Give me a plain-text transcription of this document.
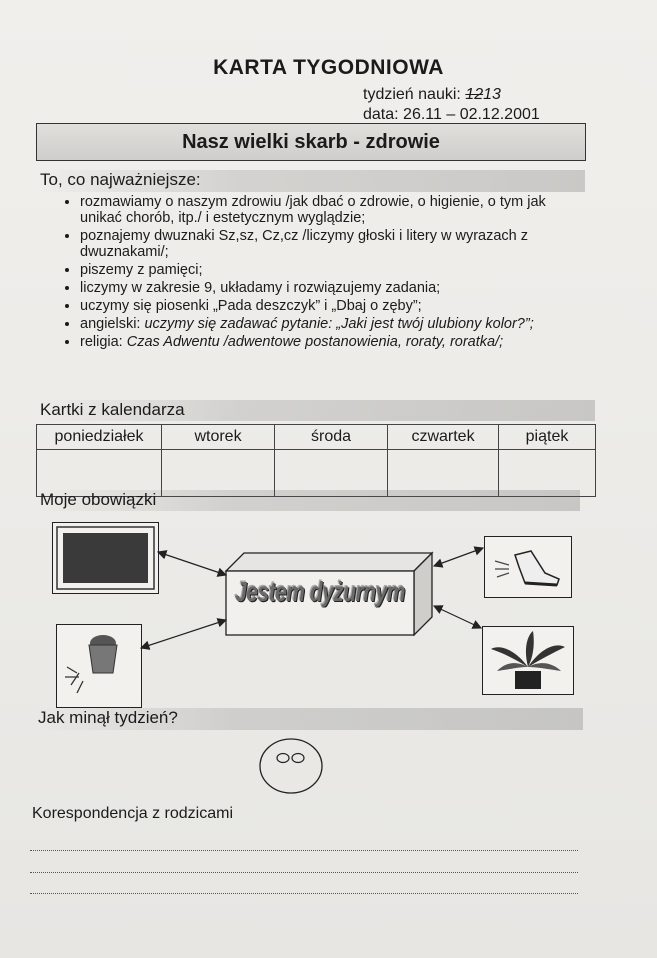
KARTA TYGODNIOWA
tydzień nauki: 1213
data: 26.11 – 02.12.2001
Nasz wielki skarb - zdrowie
To, co najważniejsze:
• rozmawiamy o naszym zdrowiu /jak dbać o zdrowie, o higienie, o tym jak unikać chorób, itp./ i estetycznym wyglądzie;
• poznajemy dwuznaki Sz,sz, Cz,cz /liczymy głoski i litery w wyrazach z dwuznakami/;
• piszemy z pamięci;
• liczymy w zakresie 9, układamy i rozwiązujemy zadania;
• uczymy się piosenki „Pada deszczyk” i „Dbaj o zęby”;
• angielski: uczymy się zadawać pytanie: „Jaki jest twój ulubiony kolor?”;
• religia: Czas Adwentu /adwentowe postanowienia, roraty, roratka/;
Kartki z kalendarza
poniedziałek	wtorek	środa	czwartek	piątek

Moje obowiązki
Jestem dyżurnym
Jak minął tydzień?
Korespondencja z rodzicami
